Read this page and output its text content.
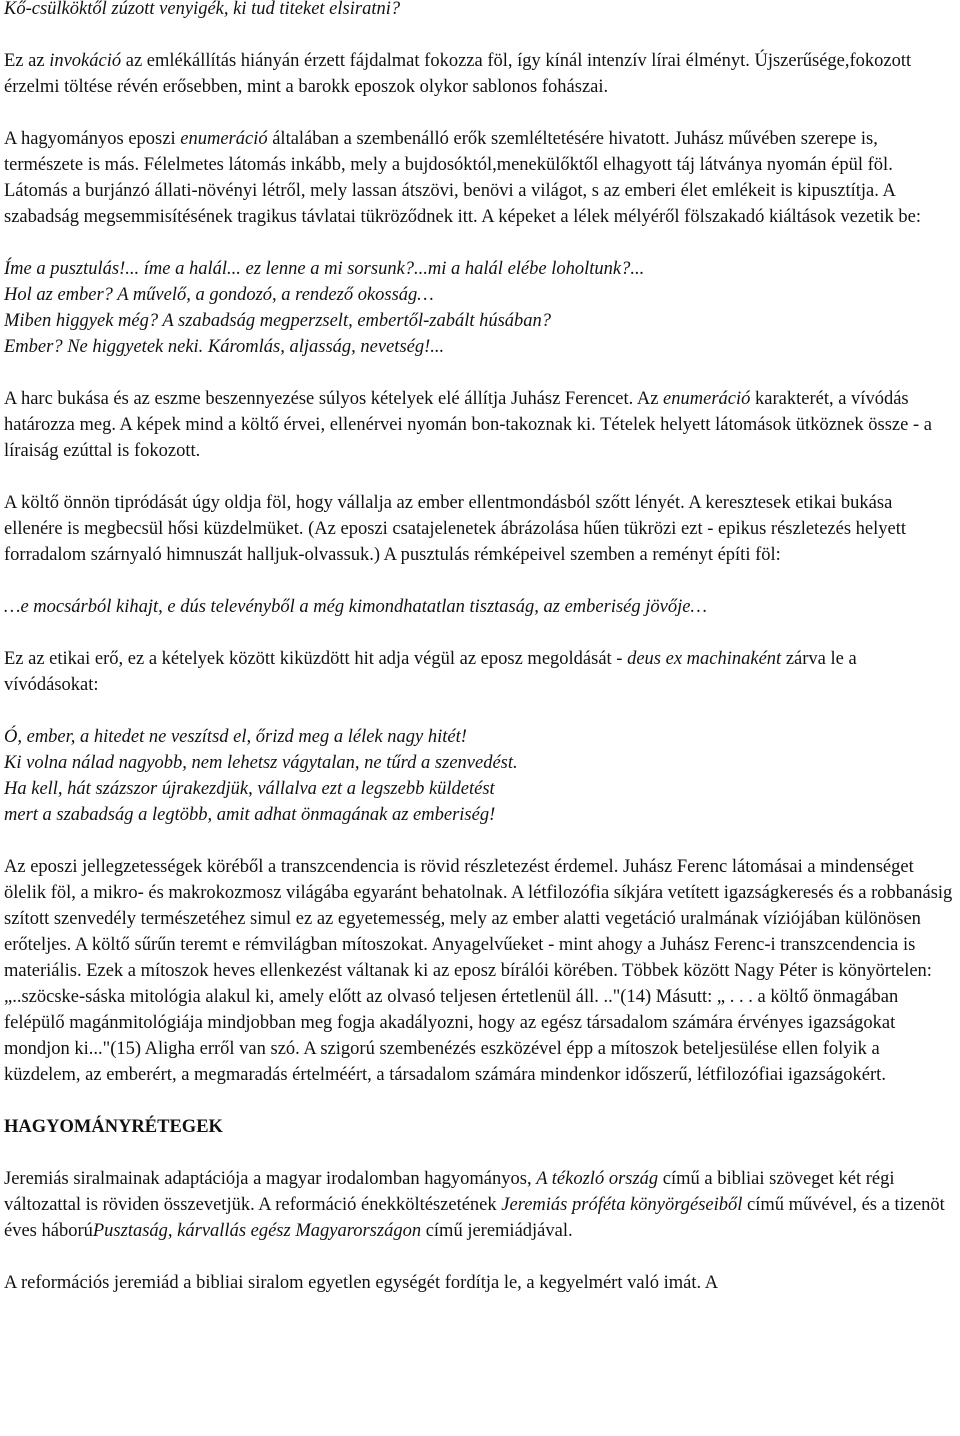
Kő-csülköktől zúzott venyigék, ki tud titeket elsiratni?

Ez az invokáció az emlékállítás hiányán érzett fájdalmat fokozza föl, így kínál intenzív lírai élményt. Újszerűsége,fokozott érzelmi töltése révén erősebben, mint a barokk eposzok olykor sablonos fohászai.

A hagyományos eposzi enumeráció általában a szembenálló erők szemléltetésére hivatott. Juhász művében szerepe is, természete is más. Félelmetes látomás inkább, mely a bujdosóktól,menekülőktől elhagyott táj látványa nyomán épül föl. Látomás a burjánzó állati-növényi létről, mely lassan átszövi, benövi a világot, s az emberi élet emlékeit is kipusztítja. A szabadság megsemmisítésének tragikus távlatai tükröződnek itt. A képeket a lélek mélyéről fölszakadó kiáltások vezetik be:

Íme a pusztulás!... íme a halál... ez lenne a mi sorsunk?...mi a halál elébe loholtunk?...

Hol az ember? A művelő, a gondozó, a rendező okosság…

Miben higgyek még? A szabadság megperzselt, embertől-zabált húsában?

Ember? Ne higgyetek neki. Káromlás, aljasság, nevetség!...

A harc bukása és az eszme beszennyezése súlyos kételyek elé állítja Juhász Ferencet. Az enumeráció karakterét, a vívódás határozza meg. A képek mind a költő érvei, ellenérvei nyomán bon-takoznak ki. Tételek helyett látomások ütköznek össze - a líraiság ezúttal is fokozott.

A költő önnön tipródását úgy oldja föl, hogy vállalja az ember ellentmondásból szőtt lényét. A keresztesek etikai bukása ellenére is megbecsül hősi küzdelmüket. (Az eposzi csatajelenetek ábrázolása hűen tükrözi ezt - epikus részletezés helyett forradalom szárnyaló himnuszát halljuk-olvassuk.) A pusztulás rémképeivel szemben a reményt építi föl:

…e mocsárból kihajt, e dús televényből a még kimondhatatlan tisztaság, az emberiség jövője…

Ez az etikai erő, ez a kételyek között kiküzdött hit adja végül az eposz megoldását - deus ex machinaként zárva le a vívódásokat:

Ó, ember, a hitedet ne veszítsd el, őrizd meg a lélek nagy hitét!

Ki volna nálad nagyobb, nem lehetsz vágytalan, ne tűrd a szenvedést.

Ha kell, hát százszor újrakezdjük, vállalva ezt a legszebb küldetést

mert a szabadság a legtöbb, amit adhat önmagának az emberiség!

Az eposzi jellegzetességek köréből a transzcendencia is rövid részletezést érdemel. Juhász Ferenc látomásai a mindenséget ölelik föl, a mikro- és makrokozmosz világába egyaránt behatolnak. A létfilozófia síkjára vetített igazságkeresés és a robbanásig szított szenvedély természetéhez simul ez az egyetemesség, mely az ember alatti vegetáció uralmának víziójában különösen erőteljes. A költő sűrűn teremt e rémvilágban mítoszokat. Anyagelvűeket - mint ahogy a Juhász Ferenc-i transzcendencia is materiális. Ezek a mítoszok heves ellenkezést váltanak ki az eposz bírálói körében. Többek között Nagy Péter is könyörtelen: „..szöcske-sáska mitológia alakul ki, amely előtt az olvasó teljesen értetlenül áll. .."(14) Másutt: „ . . . a költő önmagában felépülő magánmitológiája mindjobban meg fogja akadályozni, hogy az egész társadalom számára érvényes igazságokat mondjon ki..."(15) Aligha erről van szó. A szigorú szembenézés eszközével épp a mítoszok beteljesülése ellen folyik a küzdelem, az emberért, a megmaradás értelméért, a társadalom számára mindenkor időszerű, létfilozófiai igazságokért.

HAGYOMÁNYRÉTEGEK

Jeremiás siralmainak adaptációja a magyar irodalomban hagyományos, A tékozló ország című a bibliai szöveget két régi változattal is röviden összevetjük. A reformáció énekköltészetének Jeremiás próféta könyörgéseiből című művével, és a tizenöt éves háborúPusztaság, kárvallás egész Magyarországon című jeremiádjával.

A reformációs jeremiád a bibliai siralom egyetlen egységét fordítja le, a kegyelmért való imát. A
